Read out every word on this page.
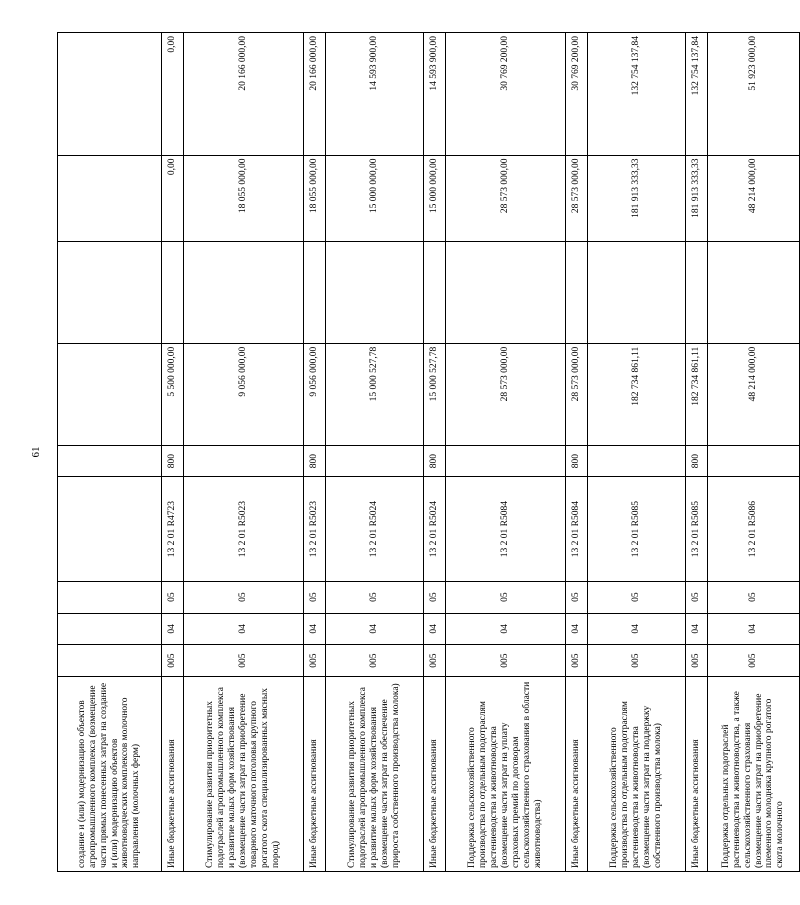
61
создание и (или) модернизацию объектов агропромышленного комплекса (возмещение части прямых понесенных затрат на создание и (или) модернизацию объектов животноводческих комплексов молочного направления (молочных ферм)									
Иные бюджетные ассигнования	005	04	05	13 2 01 R4723	800	5 500 000,00		0,00	0,00
Стимулирование развития приоритетных подотраслей агропромышленного комплекса и развитие малых форм хозяйствования (возмещение части затрат на приобретение товарного маточного поголовья крупного рогатого скота специализированных мясных пород)	005	04	05	13 2 01 R5023		9 056 000,00		18 055 000,00	20 166 000,00
Иные бюджетные ассигнования	005	04	05	13 2 01 R5023	800	9 056 000,00		18 055 000,00	20 166 000,00
Стимулирование развития приоритетных подотраслей агропромышленного комплекса и развитие малых форм хозяйствования (возмещение части затрат на обеспечение прироста собственного производства молока)	005	04	05	13 2 01 R5024		15 000 527,78		15 000 000,00	14 593 900,00
Иные бюджетные ассигнования	005	04	05	13 2 01 R5024	800	15 000 527,78		15 000 000,00	14 593 900,00
Поддержка сельскохозяйственного производства по отдельным подотраслям растениеводства и животноводства (возмещение части затрат на уплату страховых премий по договорам сельскохозяйственного страхования в области животноводства)	005	04	05	13 2 01 R5084		28 573 000,00		28 573 000,00	30 769 200,00
Иные бюджетные ассигнования	005	04	05	13 2 01 R5084	800	28 573 000,00		28 573 000,00	30 769 200,00
Поддержка сельскохозяйственного производства по отдельным подотраслям растениеводства и животноводства (возмещение части затрат на поддержку собственного производства молока)	005	04	05	13 2 01 R5085		182 734 861,11		181 913 333,33	132 754 137,84
Иные бюджетные ассигнования	005	04	05	13 2 01 R5085	800	182 734 861,11		181 913 333,33	132 754 137,84
Поддержка отдельных подотраслей растениеводства и животноводства, а также сельскохозяйственного страхования (возмещение части затрат на приобретение племенного молодняка крупного рогатого скота молочного	005	04	05	13 2 01 R5086		48 214 000,00		48 214 000,00	51 923 000,00
